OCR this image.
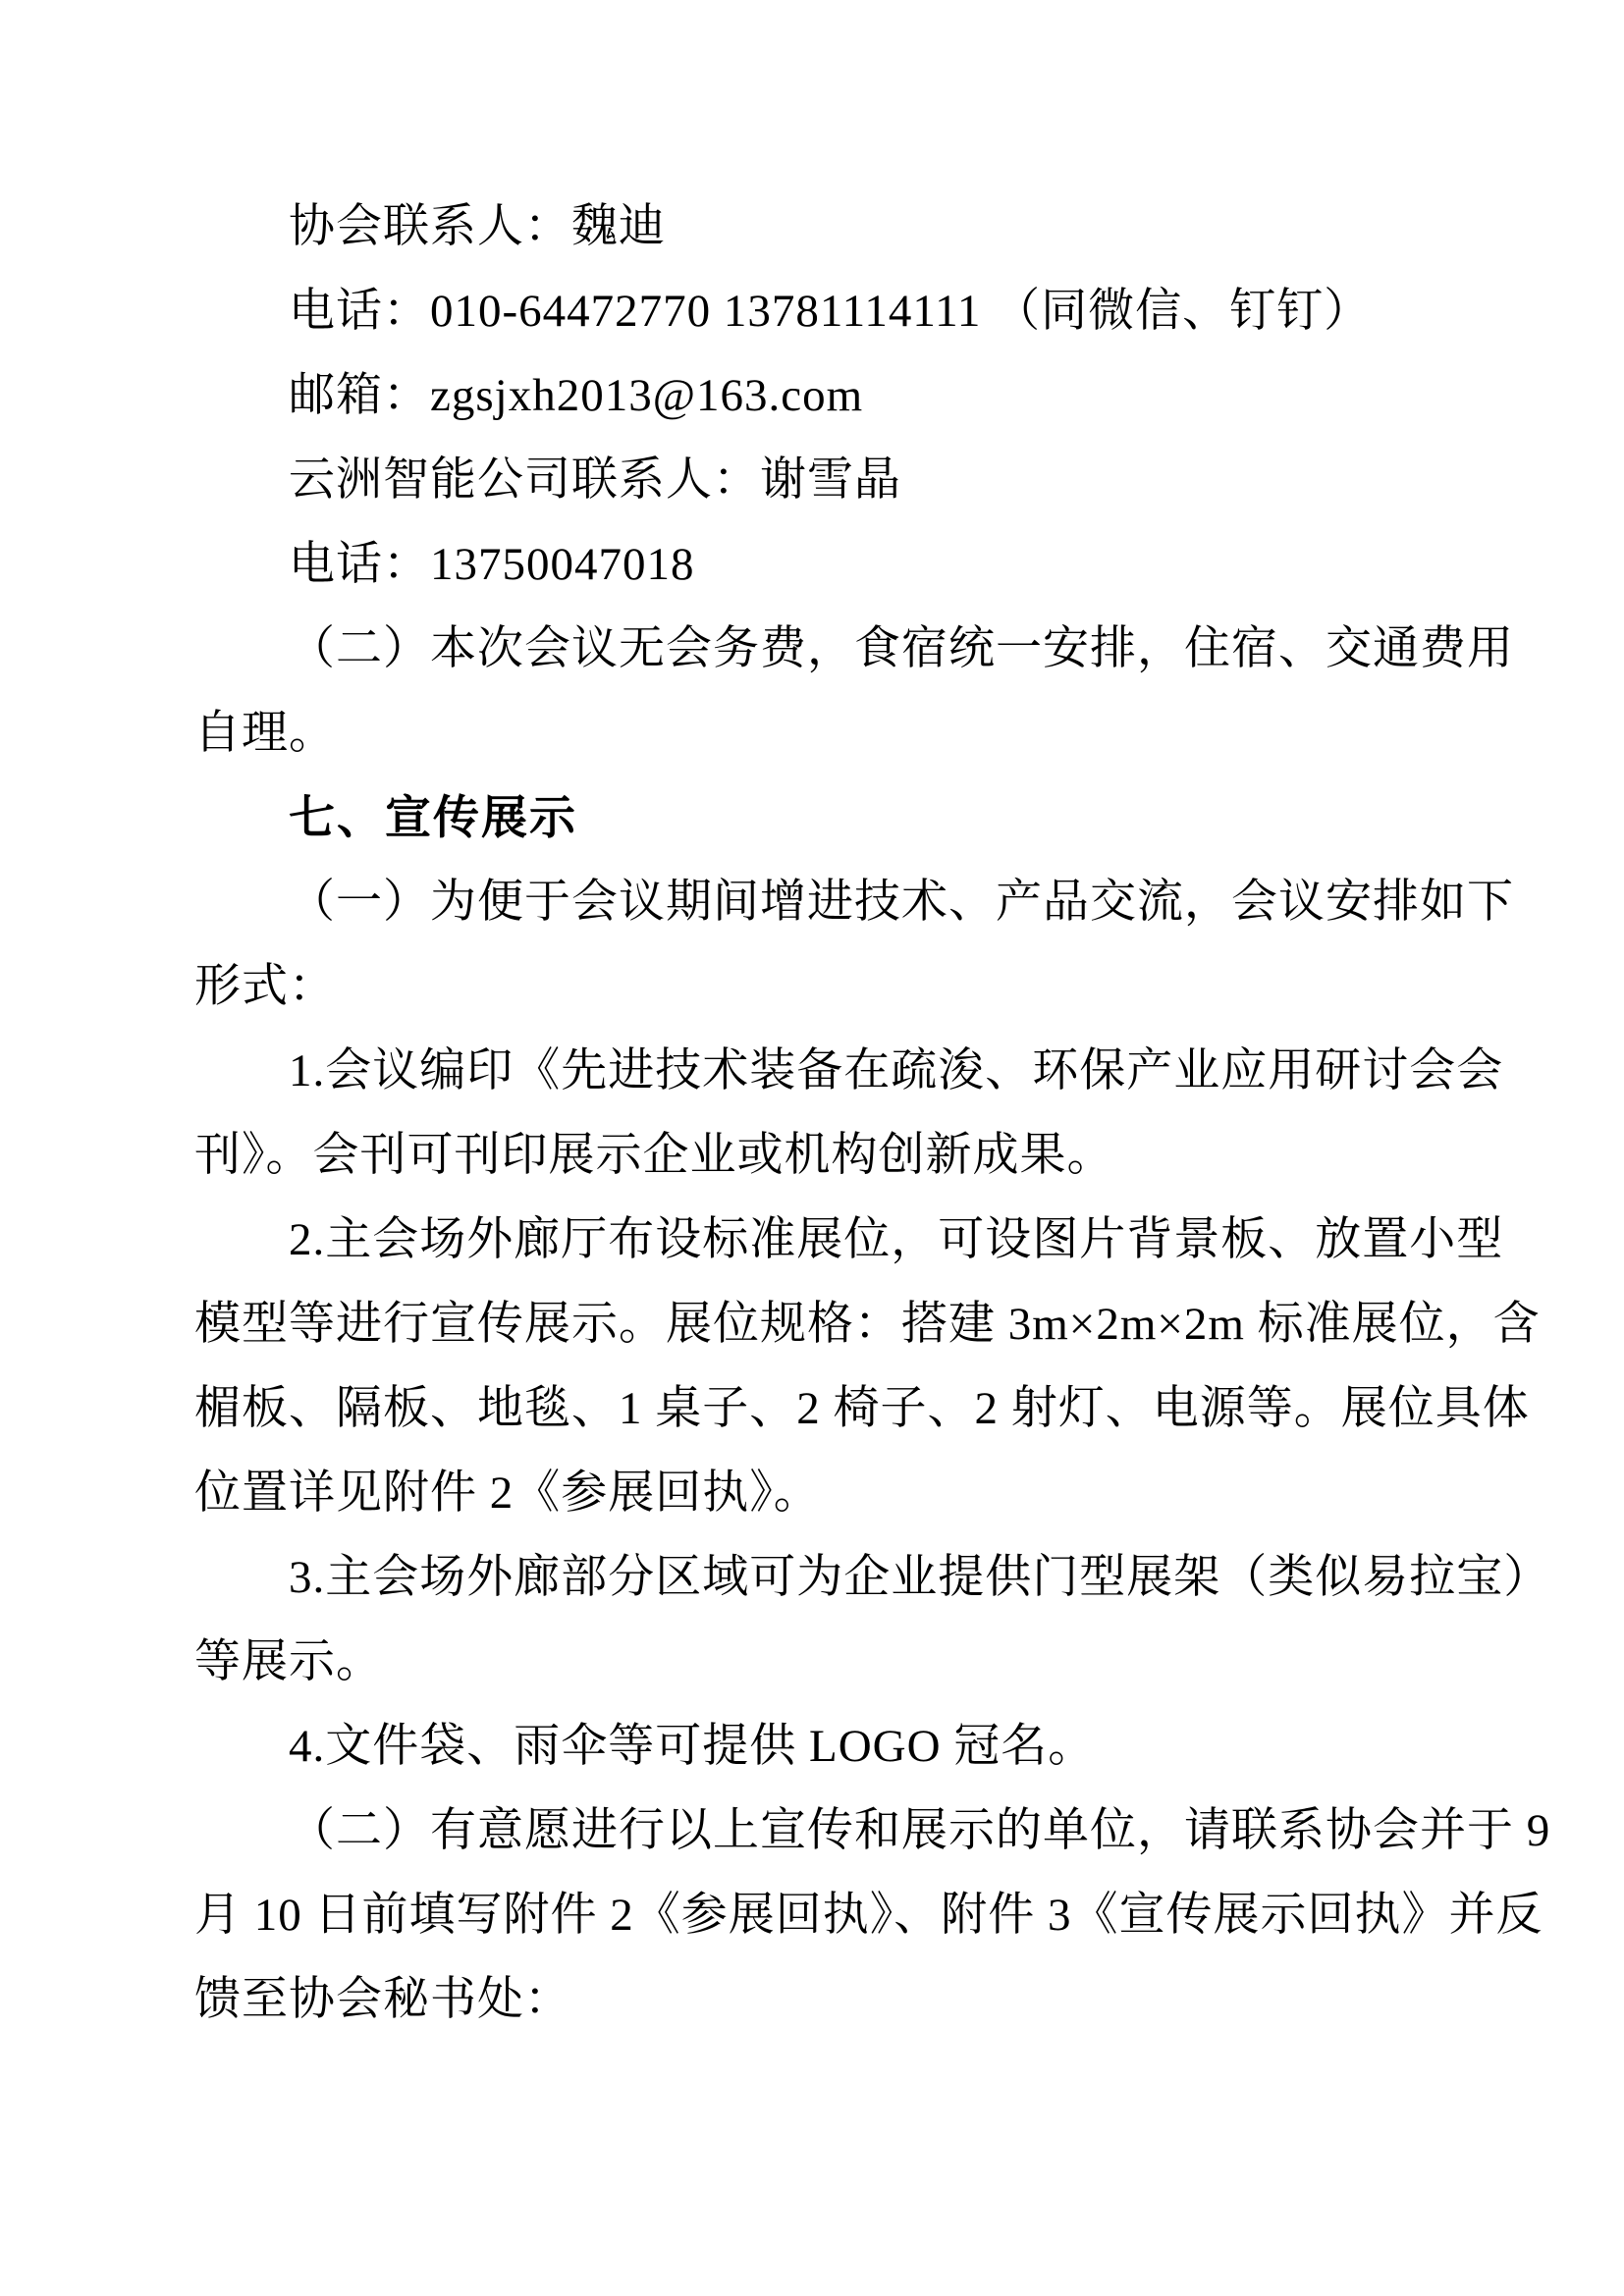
协会联系人：魏迪
电话：010-64472770 13781114111 （同微信、钉钉）
邮箱：zgsjxh2013@163.com
云洲智能公司联系人：谢雪晶
电话：13750047018
（二）本次会议无会务费，食宿统一安排，住宿、交通费用
自理。
七、宣传展示
（一）为便于会议期间增进技术、产品交流，会议安排如下
形式：
1.会议编印《先进技术装备在疏浚、环保产业应用研讨会会
刊》。会刊可刊印展示企业或机构创新成果。
2.主会场外廊厅布设标准展位，可设图片背景板、放置小型
模型等进行宣传展示。展位规格：搭建 3m×2m×2m 标准展位，含
楣板、隔板、地毯、1 桌子、2 椅子、2 射灯、电源等。展位具体
位置详见附件 2《参展回执》。
3.主会场外廊部分区域可为企业提供门型展架（类似易拉宝）
等展示。
4.文件袋、雨伞等可提供 LOGO 冠名。
（二）有意愿进行以上宣传和展示的单位，请联系协会并于 9
月 10 日前填写附件 2《参展回执》、附件 3《宣传展示回执》并反
馈至协会秘书处：
